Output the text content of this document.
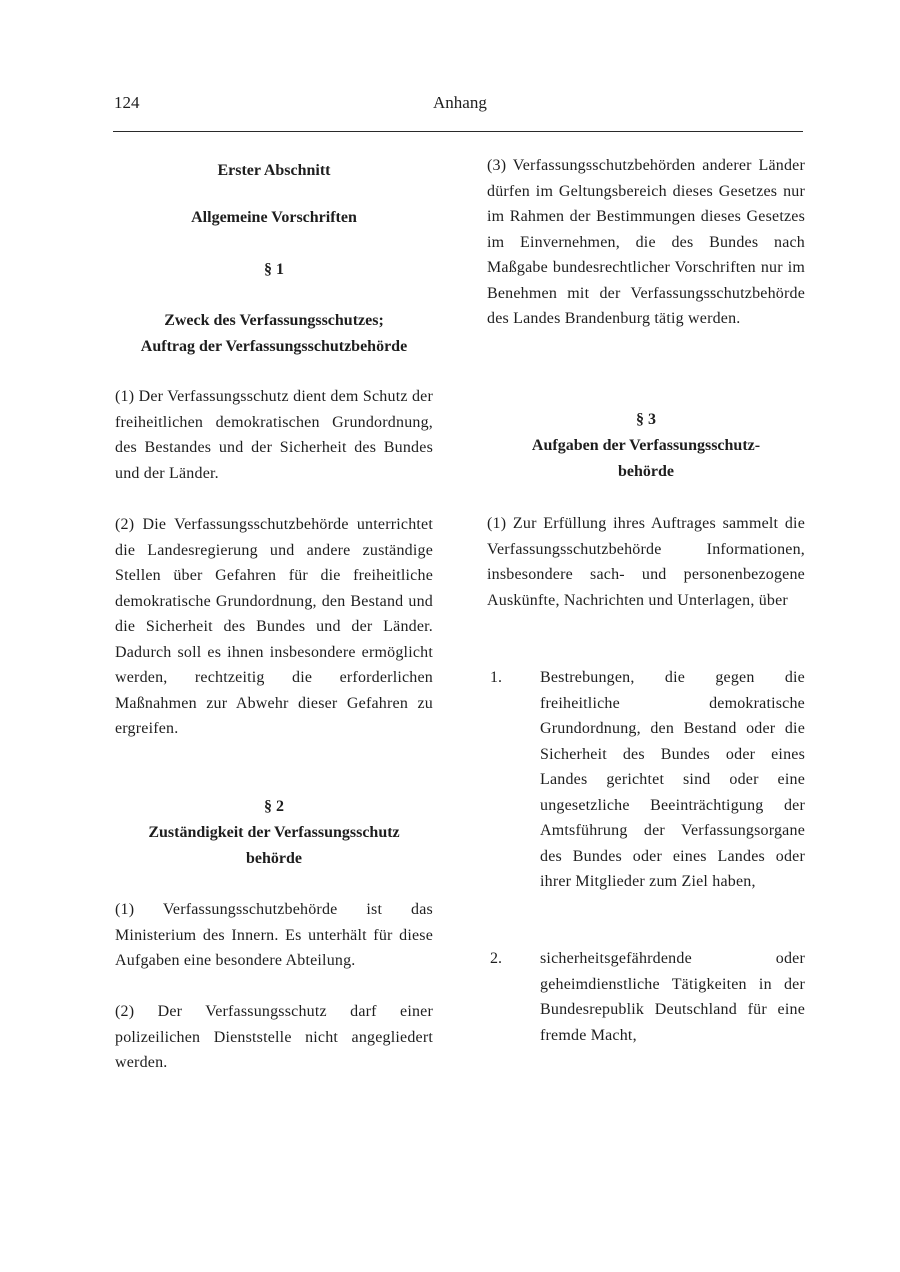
124	Anhang

Erster Abschnitt

Allgemeine Vorschriften

§ 1

Zweck des Verfassungsschutzes;

Auftrag der Verfassungsschutzbehörde

(1) Der Verfassungsschutz dient dem Schutz der freiheitlichen demokratischen Grundordnung, des Bestandes und der Sicherheit des Bundes und der Länder.

(2) Die Verfassungsschutzbehörde unterrichtet die Landesregierung und andere zuständige Stellen über Gefahren für die freiheitliche demokratische Grundordnung, den Bestand und die Sicherheit des Bundes und der Länder. Dadurch soll es ihnen insbesondere ermöglicht werden, rechtzeitig die erforderlichen Maßnahmen zur Abwehr dieser Gefahren zu ergreifen.

§ 2

Zuständigkeit der Verfassungsschutz

behörde

(1) Verfassungsschutzbehörde ist das Ministerium des Innern. Es unterhält für diese Aufgaben eine besondere Abteilung.

(2) Der Verfassungsschutz darf einer polizeilichen Dienststelle nicht angegliedert werden.

(3) Verfassungsschutzbehörden anderer Länder dürfen im Geltungsbereich dieses Gesetzes nur im Rahmen der Bestimmungen dieses Gesetzes im Einvernehmen, die des Bundes nach Maßgabe bundesrechtlicher Vorschriften nur im Benehmen mit der Verfassungsschutzbehörde des Landes Brandenburg tätig werden.

§ 3

Aufgaben der Verfassungsschutz-

behörde

(1) Zur Erfüllung ihres Auftrages sammelt die Verfassungsschutzbehörde Informationen, insbesondere sach- und personenbezogene Auskünfte, Nachrichten und Unterlagen, über

1. Bestrebungen, die gegen die freiheitliche demokratische Grundordnung, den Bestand oder die Sicherheit des Bundes oder eines Landes gerichtet sind oder eine ungesetzliche Beeinträchtigung der Amtsführung der Verfassungsorgane des Bundes oder eines Landes oder ihrer Mitglieder zum Ziel haben,

2. sicherheitsgefährdende oder geheimdienstliche Tätigkeiten in der Bundesrepublik Deutschland für eine fremde Macht,
